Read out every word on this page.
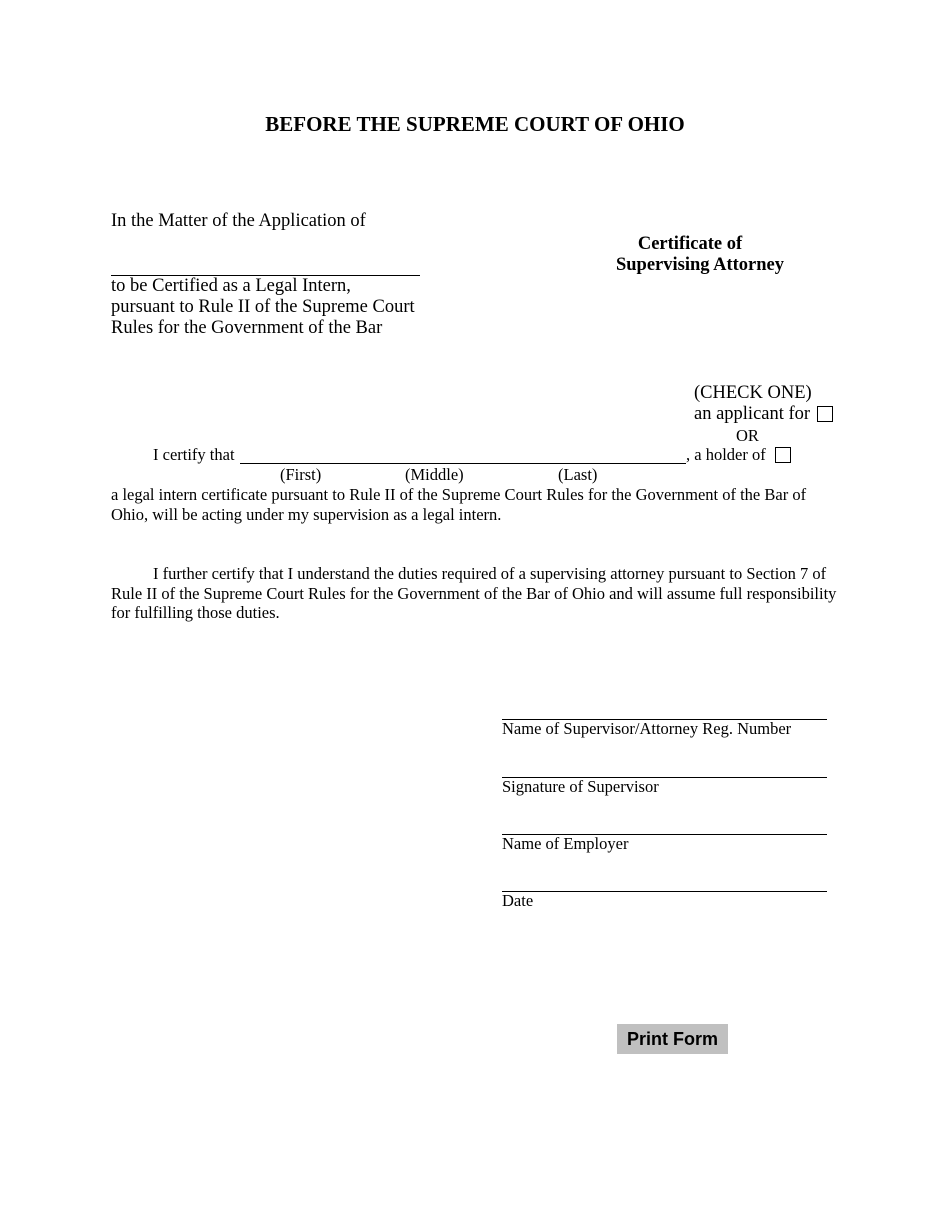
BEFORE THE SUPREME COURT OF OHIO
In the Matter of the Application of
to be Certified as a Legal Intern,
pursuant to Rule II of the Supreme Court
Rules for the Government of the Bar
Certificate of
Supervising Attorney
(CHECK ONE)
an applicant for
OR
I certify that	, a holder of
(First)	(Middle)	(Last)
a legal intern certificate pursuant to Rule II of the Supreme Court Rules for the Government of the Bar of Ohio, will be acting under my supervision as a legal intern.
I further certify that I understand the duties required of a supervising attorney pursuant to Section 7 of Rule II of the Supreme Court Rules for the Government of the Bar of Ohio and will assume full responsibility for fulfilling those duties.
Name of Supervisor/Attorney Reg. Number
Signature of Supervisor
Name of Employer
Date
Print Form
